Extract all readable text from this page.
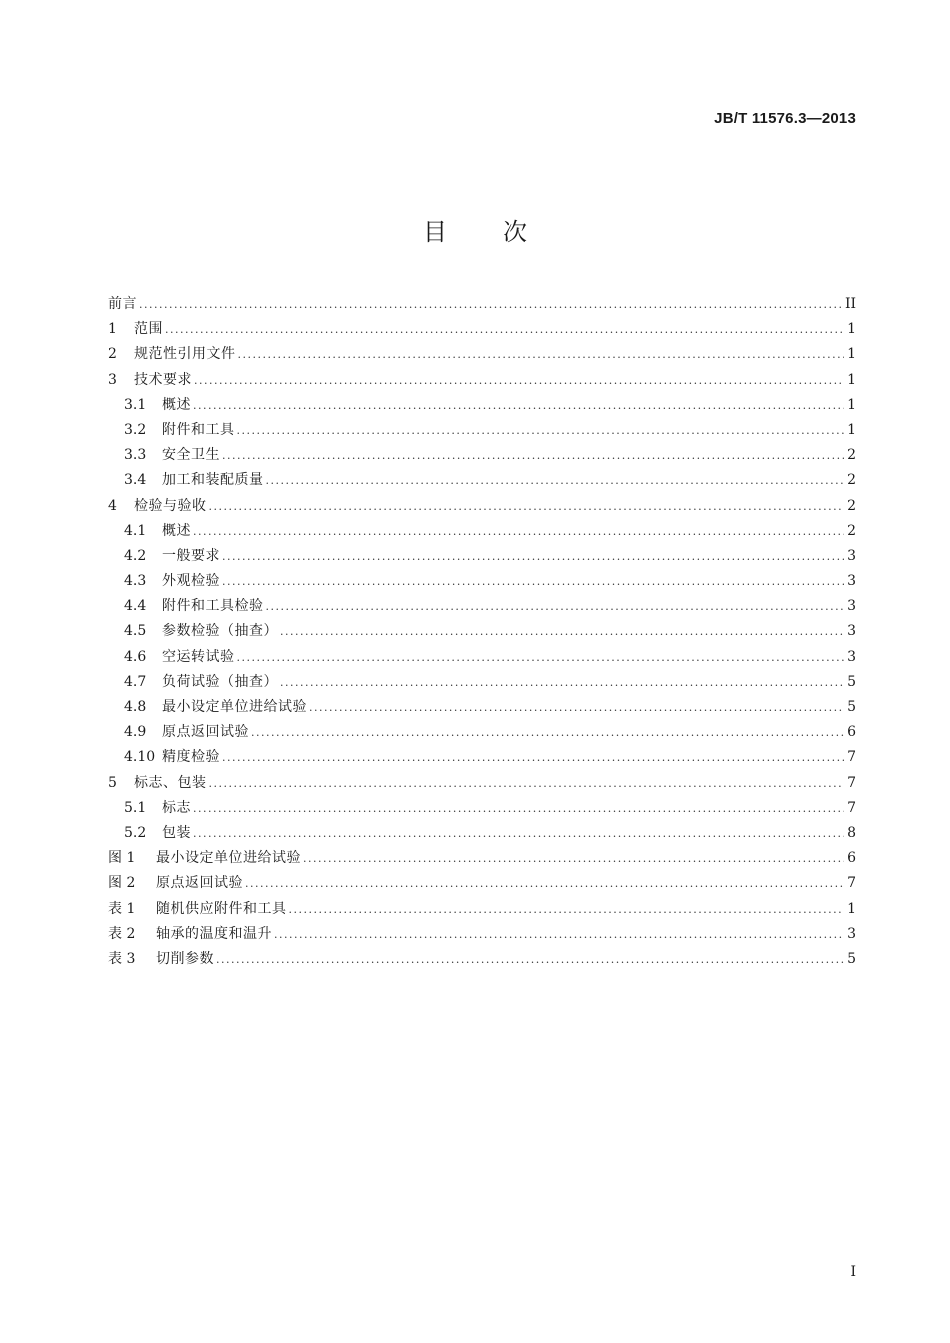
JB/T 11576.3—2013
目次
前言 .....	II
1	范围 .....	1
2	规范性引用文件 .....	1
3	技术要求 .....	1
3.1	概述 .....	1
3.2	附件和工具 .....	1
3.3	安全卫生 .....	2
3.4	加工和装配质量 .....	2
4	检验与验收 .....	2
4.1	概述 .....	2
4.2	一般要求 .....	3
4.3	外观检验 .....	3
4.4	附件和工具检验 .....	3
4.5	参数检验（抽查） .....	3
4.6	空运转试验 .....	3
4.7	负荷试验（抽查） .....	5
4.8	最小设定单位进给试验 .....	5
4.9	原点返回试验 .....	6
4.10 精度检验 .....	7
5	标志、包装 .....	7
5.1	标志 .....	7
5.2	包装 .....	8
图 1	最小设定单位进给试验 .....	6
图 2	原点返回试验 .....	7
表 1	随机供应附件和工具 .....	1
表 2	轴承的温度和温升 .....	3
表 3	切削参数 .....	5
I
